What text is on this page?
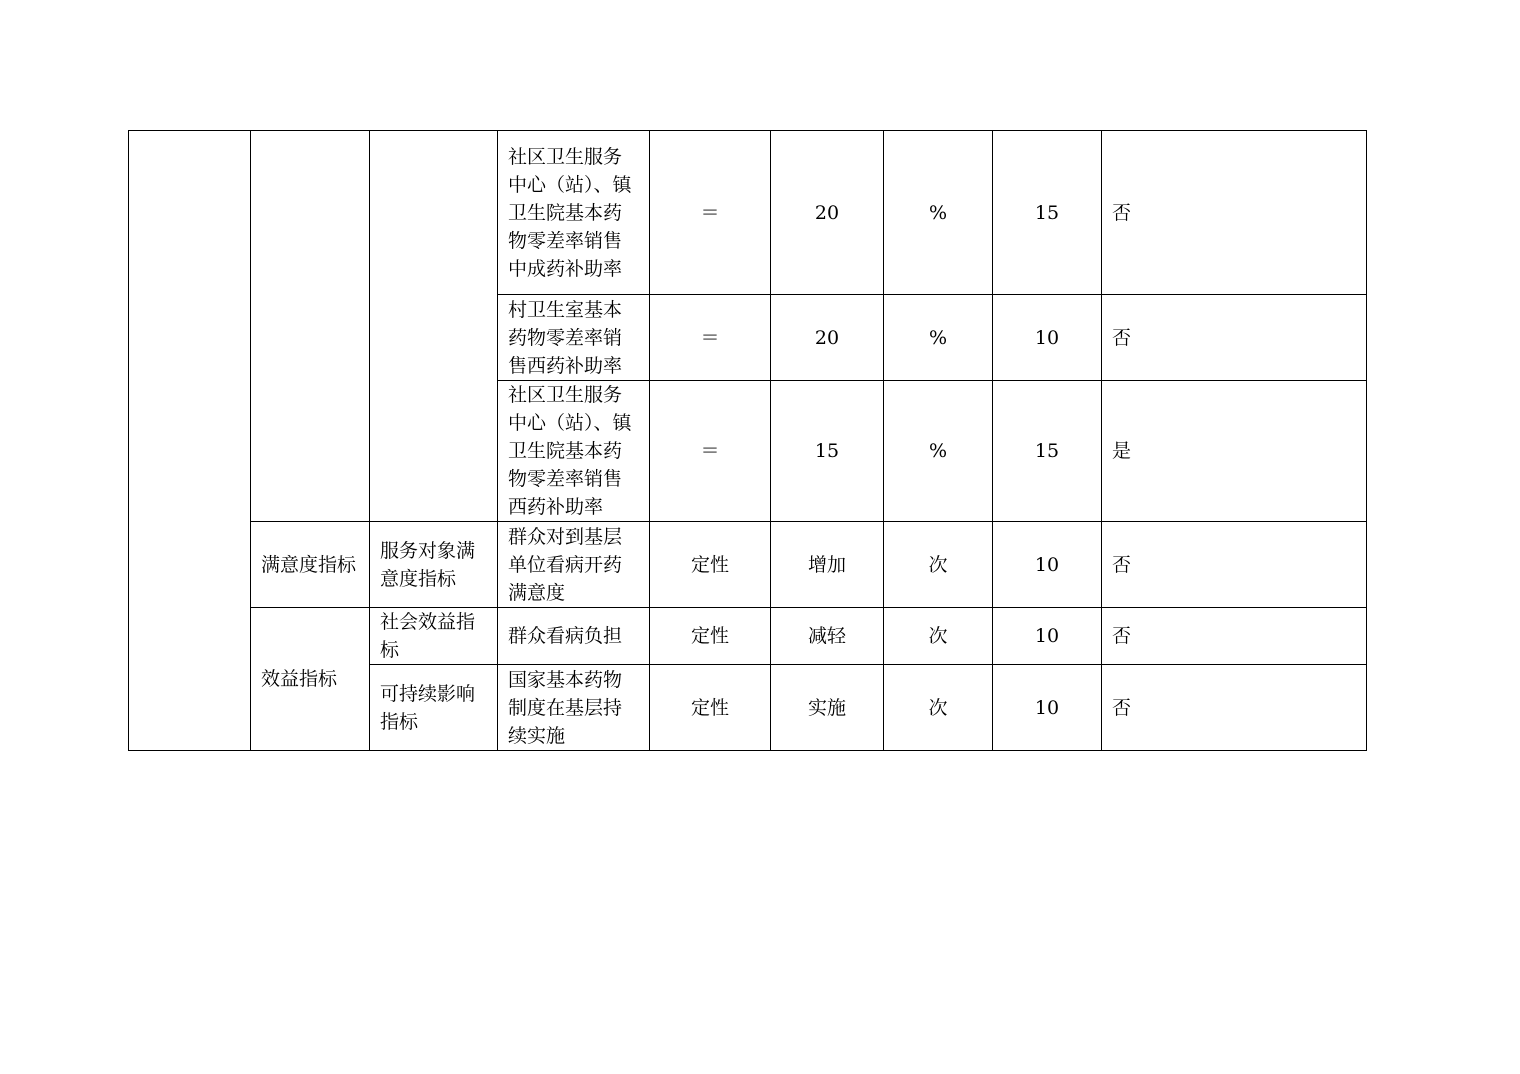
			社区卫生服务中心（站）、镇卫生院基本药物零差率销售中成药补助率	＝	20	%	15	否
			村卫生室基本药物零差率销售西药补助率	＝	20	%	10	否
			社区卫生服务中心（站）、镇卫生院基本药物零差率销售西药补助率	＝	15	%	15	是
	满意度指标	服务对象满意度指标	群众对到基层单位看病开药满意度	定性	增加	次	10	否
	效益指标	社会效益指标	群众看病负担	定性	减轻	次	10	否
		可持续影响指标	国家基本药物制度在基层持续实施	定性	实施	次	10	否
